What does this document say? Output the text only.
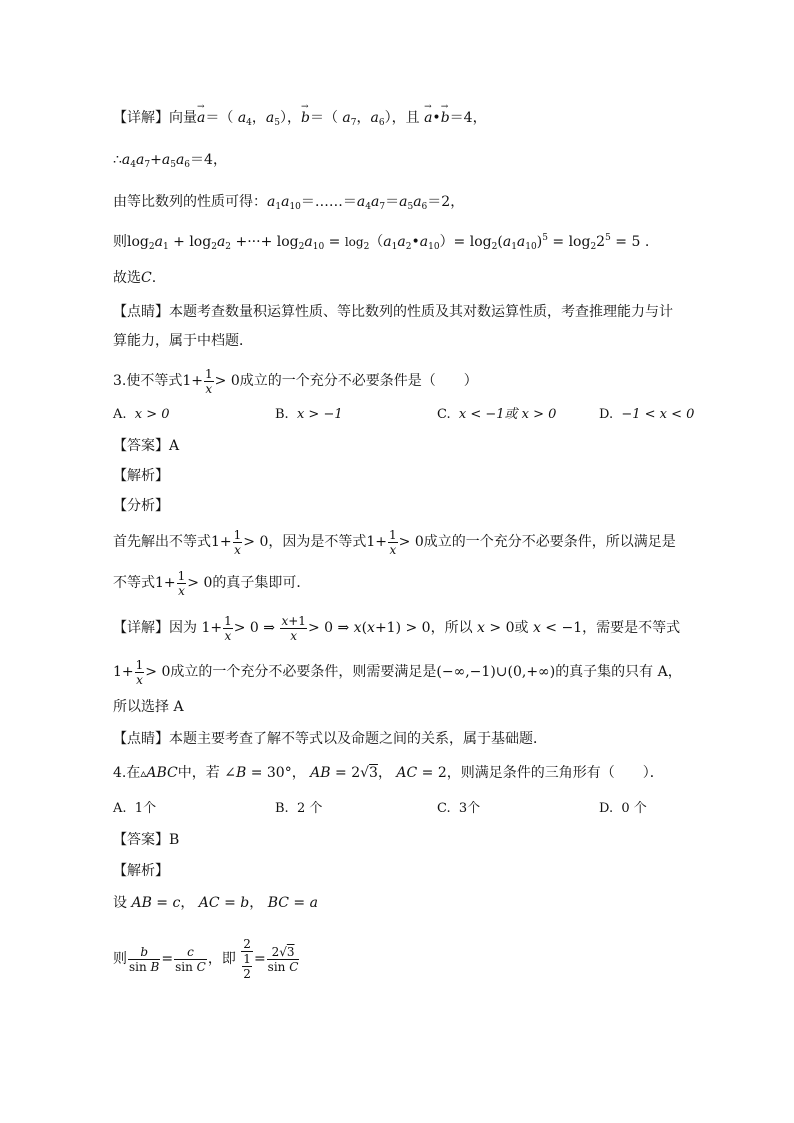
【详解】向量→ a＝（ $a_4$，$a_5$），→ b＝（ $a_7$，$a_6$），且 → a•→ b＝4，
$\therefore a_4a_7+a_5a_6=4$，
由等比数列的性质可得：$a_1a_{10}=\dots\dots=a_4a_7=a_5a_6=2$，
则$\log_2a_1 + \log_2a_2$ +···+ $\log_2a_{10}$ = $\log_2(a_1a_2•a_{10})= \log_2(a_1a_{10})^5 = \log_22^5 = 5$ .
故选C.
【点睛】本题考查数量积运算性质、等比数列的性质及其对数运算性质，考查推理能力与计
算能力，属于中档题．
3.使不等式$1+ \frac{1}{x} > 0$成立的一个充分不必要条件是（　　）
A. x > 0	B. x > −1	C. x < −1或 x > 0	D. −1 < x < 0
【答案】A
【解析】
【分析】
首先解出不等式$1+ \frac{1}{x} > 0$，因为是不等式$1+ \frac{1}{x} > 0$成立的一个充分不必要条件，所以满足是
不等式$1+ \frac{1}{x} > 0$的真子集即可．
【详解】因为 $1+ \frac{1}{x} > 0$ ⇒ $\frac{x+1}{x} > 0$ ⇒ x(x+1) > 0，所以 x > 0或 x < −1，需要是不等式
$1+ \frac{1}{x} > 0$成立的一个充分不必要条件，则需要满足是(−∞,−1)∪(0,+∞)的真子集的只有 A，
所以选择 A
【点睛】本题主要考查了解不等式以及命题之间的关系，属于基础题．
4.在▵ABC中，若 ∠B = 30°， AB = 2√3， AC = 2，则满足条件的三角形有（　　）．
A. 1个	B. 2 个	C. 3个	D. 0 个
【答案】B
【解析】
设 AB = c， AC = b， BC = a
则 $\frac{b}{\text{sin B}} = \frac{c}{\text{sin C}}$ ，即 $\frac{2}{\frac{1}{2}} = \frac{2√3}{\text{sin C}}$
